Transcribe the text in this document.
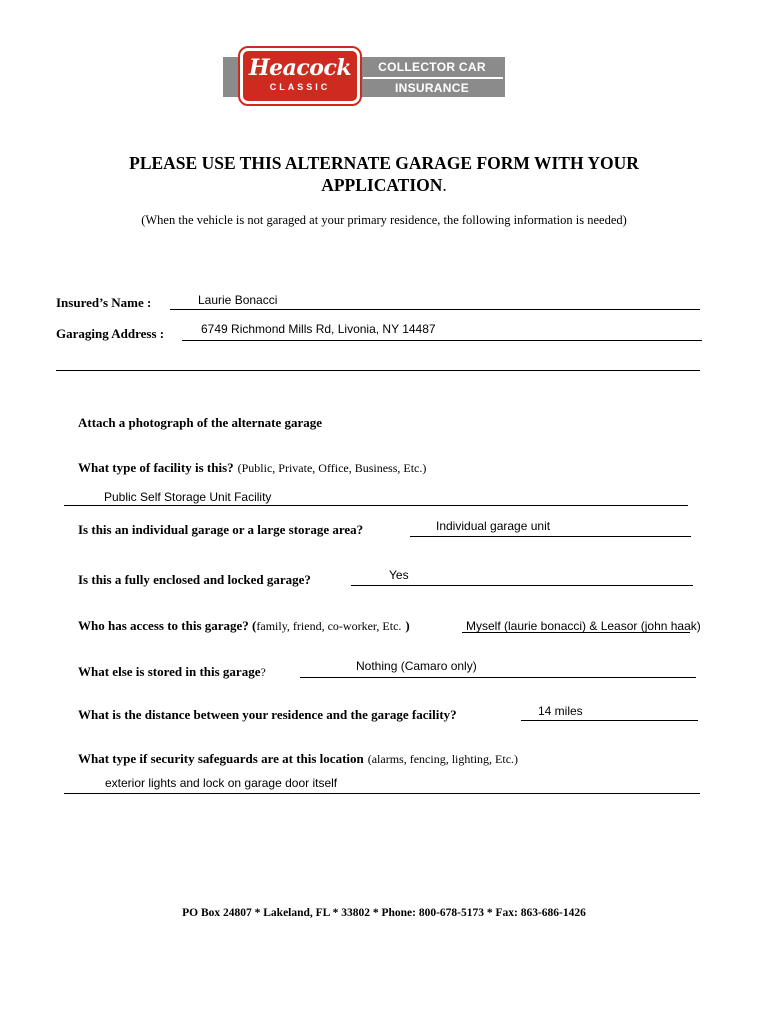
COLLECTOR CAR
INSURANCE
Heacock
CLASSIC
PLEASE USE THIS ALTERNATE GARAGE FORM WITH YOUR
APPLICATION.
(When the vehicle is not garaged at your primary residence, the following information is needed)
Insured’s Name :	Laurie Bonacci
Garaging Address :	6749 Richmond Mills Rd, Livonia, NY 14487
Attach a photograph of the alternate garage
What type of facility is this? (Public, Private, Office, Business, Etc.)
Public Self Storage Unit Facility
Is this an individual garage or a large storage area?	Individual garage unit
Is this a fully enclosed and locked garage?	Yes
Who has access to this garage? (family, friend, co-worker, Etc. )	Myself (laurie bonacci) & Leasor (john haak)
What else is stored in this garage?	Nothing (Camaro only)
What is the distance between your residence and the garage facility?	14 miles
What type if security safeguards are at this location (alarms, fencing, lighting, Etc.)
exterior lights and lock on garage door itself
PO Box 24807 * Lakeland, FL * 33802 * Phone: 800-678-5173 * Fax: 863-686-1426
